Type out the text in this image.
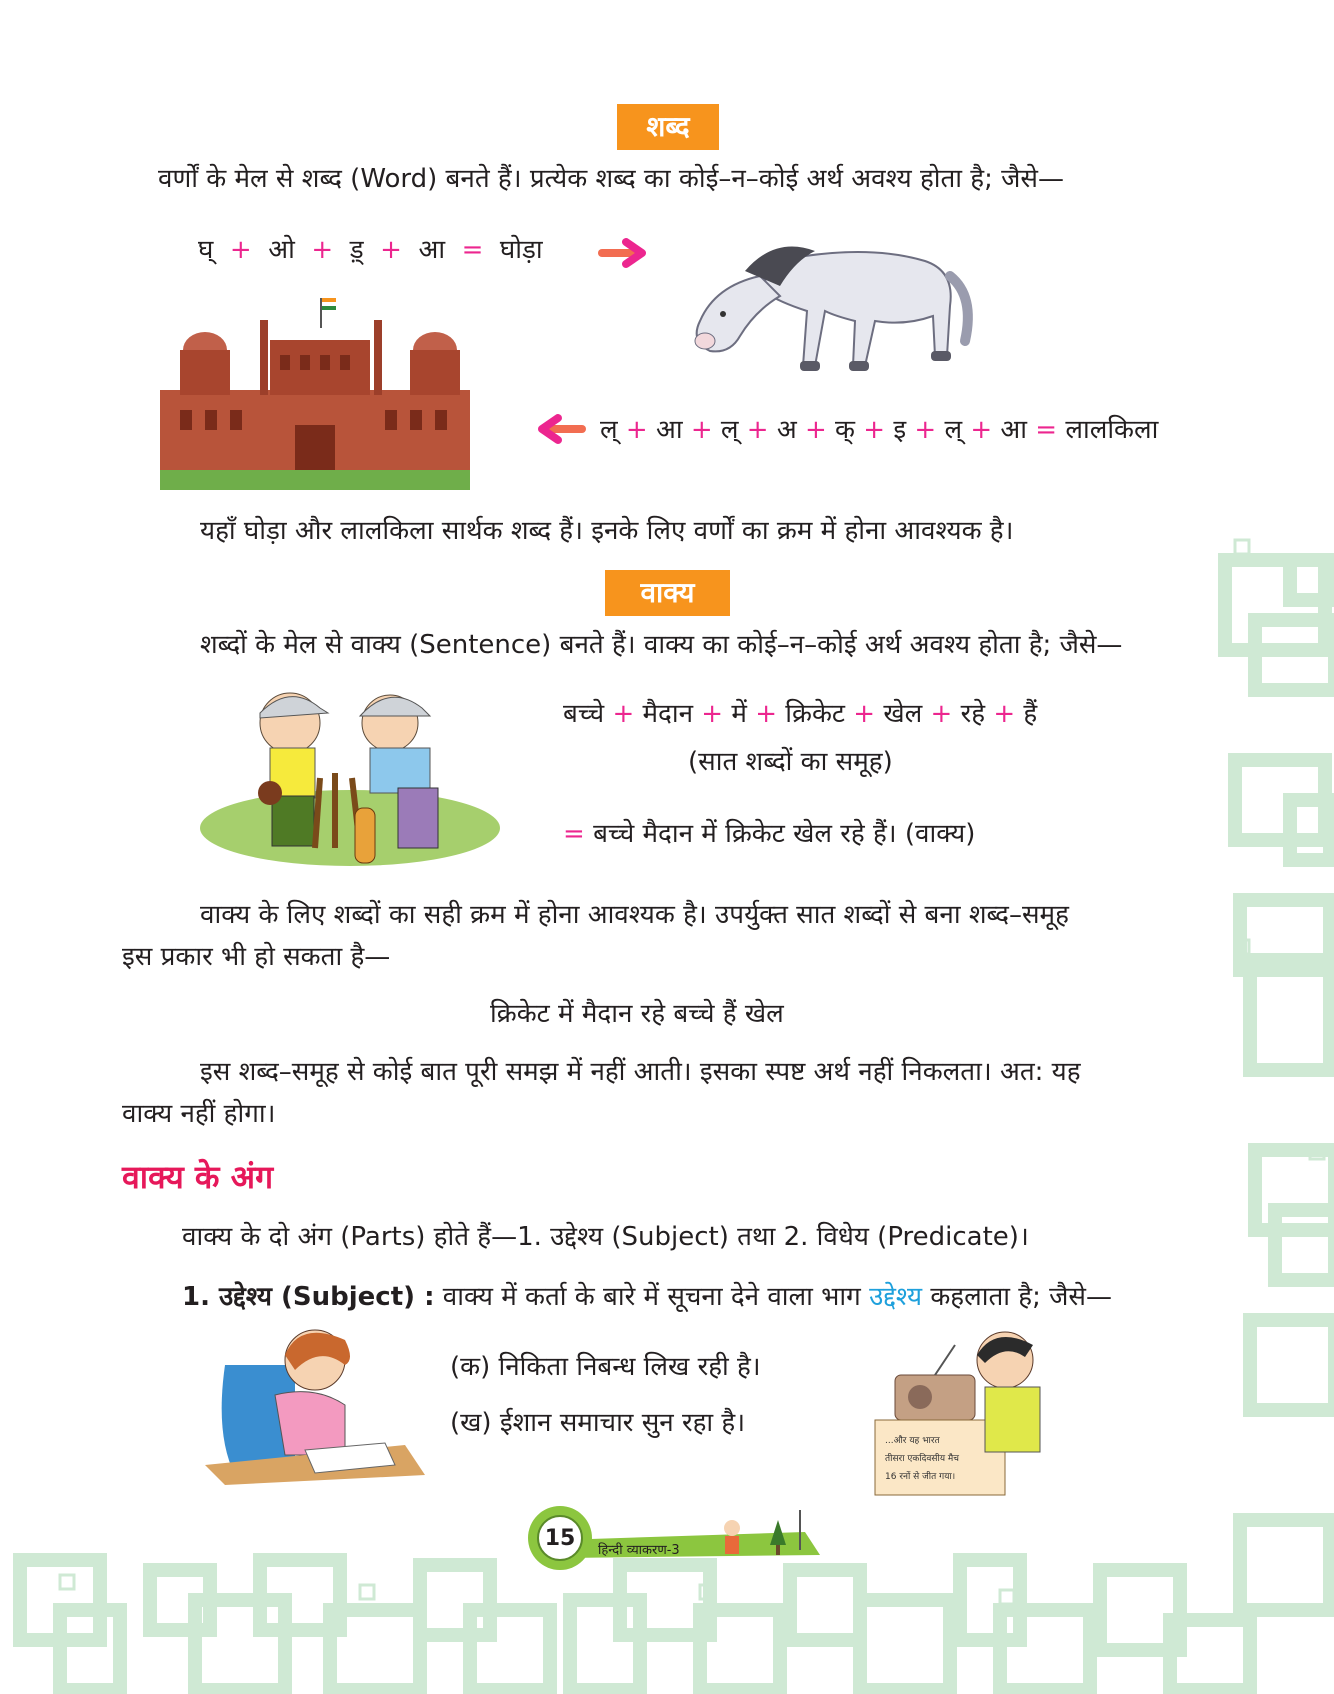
शब्द
वर्णों के मेल से शब्द (Word) बनते हैं। प्रत्येक शब्द का कोई–न–कोई अर्थ अवश्य होता है; जैसे—
घ् + ओ + ड़् + आ = घोड़ा
ल् + आ + ल् + अ + क् + इ + ल् + आ = लालकिला
यहाँ घोड़ा और लालकिला सार्थक शब्द हैं। इनके लिए वर्णों का क्रम में होना आवश्यक है।
वाक्य
शब्दों के मेल से वाक्य (Sentence) बनते हैं। वाक्य का कोई–न–कोई अर्थ अवश्य होता है; जैसे—
बच्चे + मैदान + में + क्रिकेट + खेल + रहे + हैं
(सात शब्दों का समूह)
= बच्चे मैदान में क्रिकेट खेल रहे हैं। (वाक्य)
वाक्य के लिए शब्दों का सही क्रम में होना आवश्यक है। उपर्युक्त सात शब्दों से बना शब्द–समूह
इस प्रकार भी हो सकता है—
क्रिकेट में मैदान रहे बच्चे हैं खेल
इस शब्द–समूह से कोई बात पूरी समझ में नहीं आती। इसका स्पष्ट अर्थ नहीं निकलता। अत: यह
वाक्य नहीं होगा।
वाक्य के अंग
वाक्य के दो अंग (Parts) होते हैं—1. उद्देश्य (Subject) तथा 2. विधेय (Predicate)।
1. उद्देश्य (Subject) : वाक्य में कर्ता के बारे में सूचना देने वाला भाग उद्देश्य कहलाता है; जैसे—
(क) निकिता निबन्ध लिख रही है।
(ख) ईशान समाचार सुन रहा है।
...और यह भारत
तीसरा एकदिवसीय मैच
16 रनों से जीत गया।
15 हिन्दी व्याकरण-3
